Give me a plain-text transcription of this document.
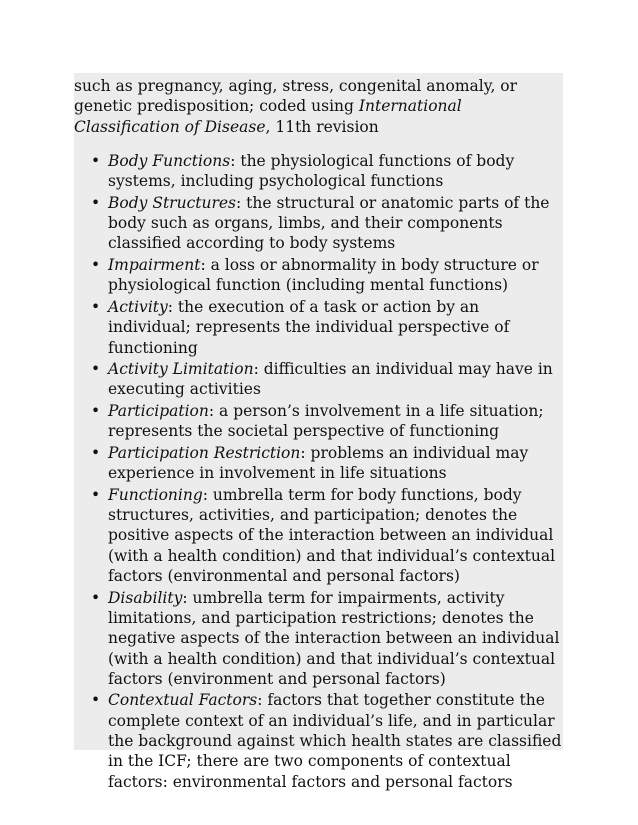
such as pregnancy, aging, stress, congenital anomaly, or genetic predisposition; coded using International Classification of Disease, 11th revision

• Body Functions: the physiological functions of body systems, including psychological functions
• Body Structures: the structural or anatomic parts of the body such as organs, limbs, and their components classified according to body systems
• Impairment: a loss or abnormality in body structure or physiological function (including mental functions)
• Activity: the execution of a task or action by an individual; represents the individual perspective of functioning
• Activity Limitation: difficulties an individual may have in executing activities
• Participation: a person’s involvement in a life situation; represents the societal perspective of functioning
• Participation Restriction: problems an individual may experience in involvement in life situations
• Functioning: umbrella term for body functions, body structures, activities, and participation; denotes the positive aspects of the interaction between an individual (with a health condition) and that individual’s contextual factors (environmental and personal factors)
• Disability: umbrella term for impairments, activity limitations, and participation restrictions; denotes the negative aspects of the interaction between an individual (with a health condition) and that individual’s contextual factors (environment and personal factors)
• Contextual Factors: factors that together constitute the complete context of an individual’s life, and in particular the background against which health states are classified in the ICF; there are two components of contextual factors: environmental factors and personal factors
